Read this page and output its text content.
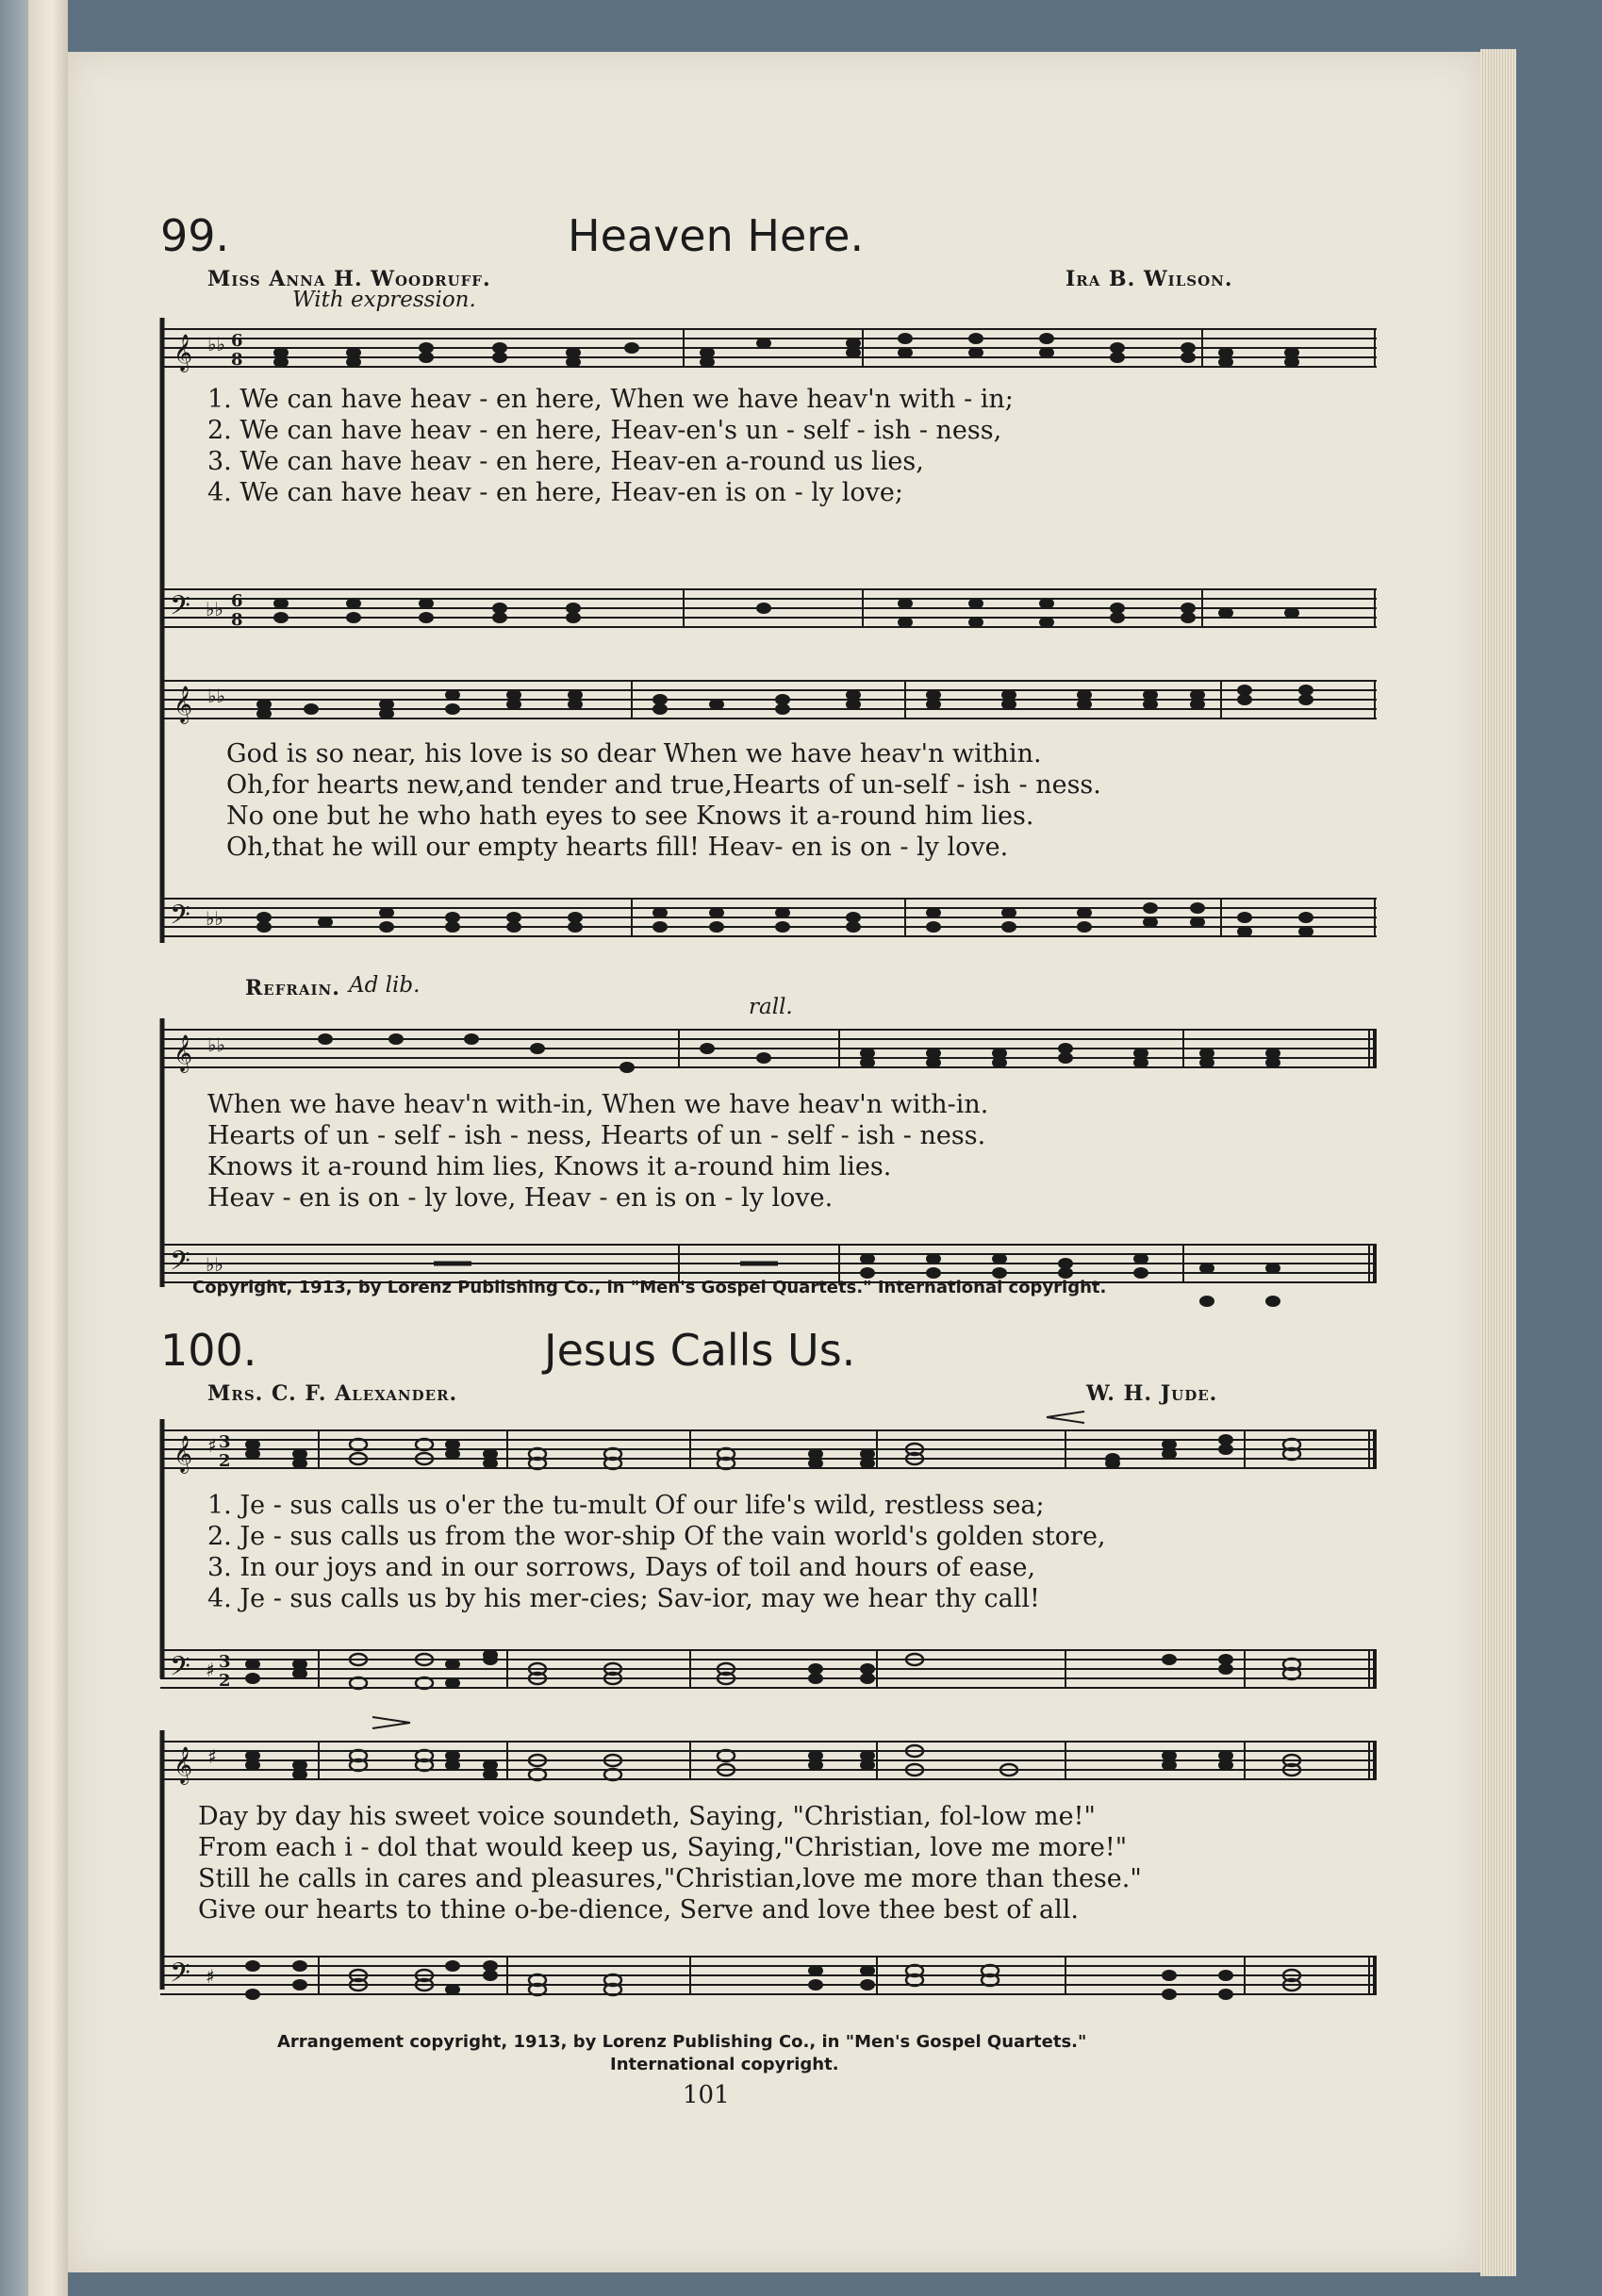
99.	Heaven Here.
Miss Anna H. Woodruff.	Ira B. Wilson.
With expression.
𝄞 ♭♭ 6
8
1. We can have heav - en here, When we have heav'n with - in;
2. We can have heav - en here, Heav-en's un - self - ish - ness,
3. We can have heav - en here, Heav-en a-round us lies,
4. We can have heav - en here, Heav-en is on - ly love;
𝄢 ♭♭ 6
8
𝄞 ♭♭
God is so near, his love is so dear When we have heav'n within.
Oh,for hearts new,and tender and true,Hearts of un-self - ish - ness.
No one but he who hath eyes to see Knows it a-round him lies.
Oh,that he will our empty hearts fill! Heav- en is on - ly love.
𝄢 ♭♭
Refrain. Ad lib.
rall.
𝄞 ♭♭
When we have heav'n with-in, When we have heav'n with-in.
Hearts of un - self - ish - ness, Hearts of un - self - ish - ness.
Knows it a-round him lies, Knows it a-round him lies.
Heav - en is on - ly love, Heav - en is on - ly love.
𝄢 ♭♭
Copyright, 1913, by Lorenz Publishing Co., in "Men's Gospel Quartets." International copyright.
100.	Jesus Calls Us.
Mrs. C. F. Alexander.	W. H. Jude.
𝄞 ♯ 3
2
1. Je - sus calls us o'er the tu-mult Of our life's wild, restless sea;
2. Je - sus calls us from the wor-ship Of the vain world's golden store,
3. In our joys and in our sorrows, Days of toil and hours of ease,
4. Je - sus calls us by his mer-cies; Sav-ior, may we hear thy call!
𝄢 ♯ 3
2
𝄞 ♯
Day by day his sweet voice soundeth, Saying, "Christian, fol-low me!"
From each i - dol that would keep us, Saying,"Christian, love me more!"
Still he calls in cares and pleasures,"Christian,love me more than these."
Give our hearts to thine o-be-dience, Serve and love thee best of all.
𝄢 ♯
Arrangement copyright, 1913, by Lorenz Publishing Co., in "Men's Gospel Quartets."
International copyright.
101
